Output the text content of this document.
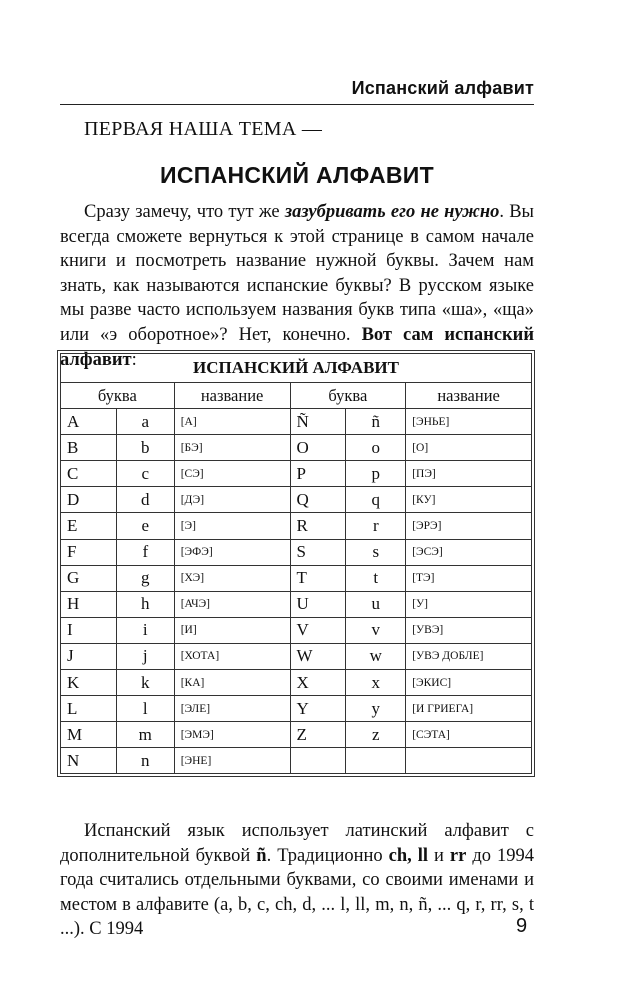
Испанский алфавит
ПЕРВАЯ НАША ТЕМА —
ИСПАНСКИЙ АЛФАВИТ
Сразу замечу, что тут же зазубривать его не нужно. Вы всегда сможете вернуться к этой странице в самом начале книги и посмотреть название нужной буквы. Зачем нам знать, как называются испанские буквы? В русском языке мы разве часто используем названия букв типа «ша», «ща» или «э оборотное»? Нет, конечно. Вот сам испанский алфавит:	ИСПАНСКИЙ АЛФАВИТ					
буква		название	буква		название
A	a	[А]	Ñ	ñ	[ЭНЬЕ]
B	b	[БЭ]	O	o	[О]
C	c	[СЭ]	P	p	[ПЭ]
D	d	[ДЭ]	Q	q	[КУ]
E	e	[Э]	R	r	[ЭРЭ]
F	f	[ЭФЭ]	S	s	[ЭСЭ]
G	g	[ХЭ]	T	t	[ТЭ]
H	h	[АЧЭ]	U	u	[У]
I	i	[И]	V	v	[УВЭ]
J	j	[ХОТА]	W	w	[УВЭ ДОБЛЕ]
K	k	[КА]	X	x	[ЭКИС]
L	l	[ЭЛЕ]	Y	y	[И ГРИЕГА]
M	m	[ЭМЭ]	Z	z	[СЭТА]
N	n	[ЭНЕ]			
Испанский язык использует латинский алфавит с дополнительной буквой ñ. Традиционно ch, ll и rr до 1994 года считались отдельными буквами, со своими именами и местом в алфавите (a, b, c, ch, d, ... l, ll, m, n, ñ, ... q, r, rr, s, t ...). С 1994	9
